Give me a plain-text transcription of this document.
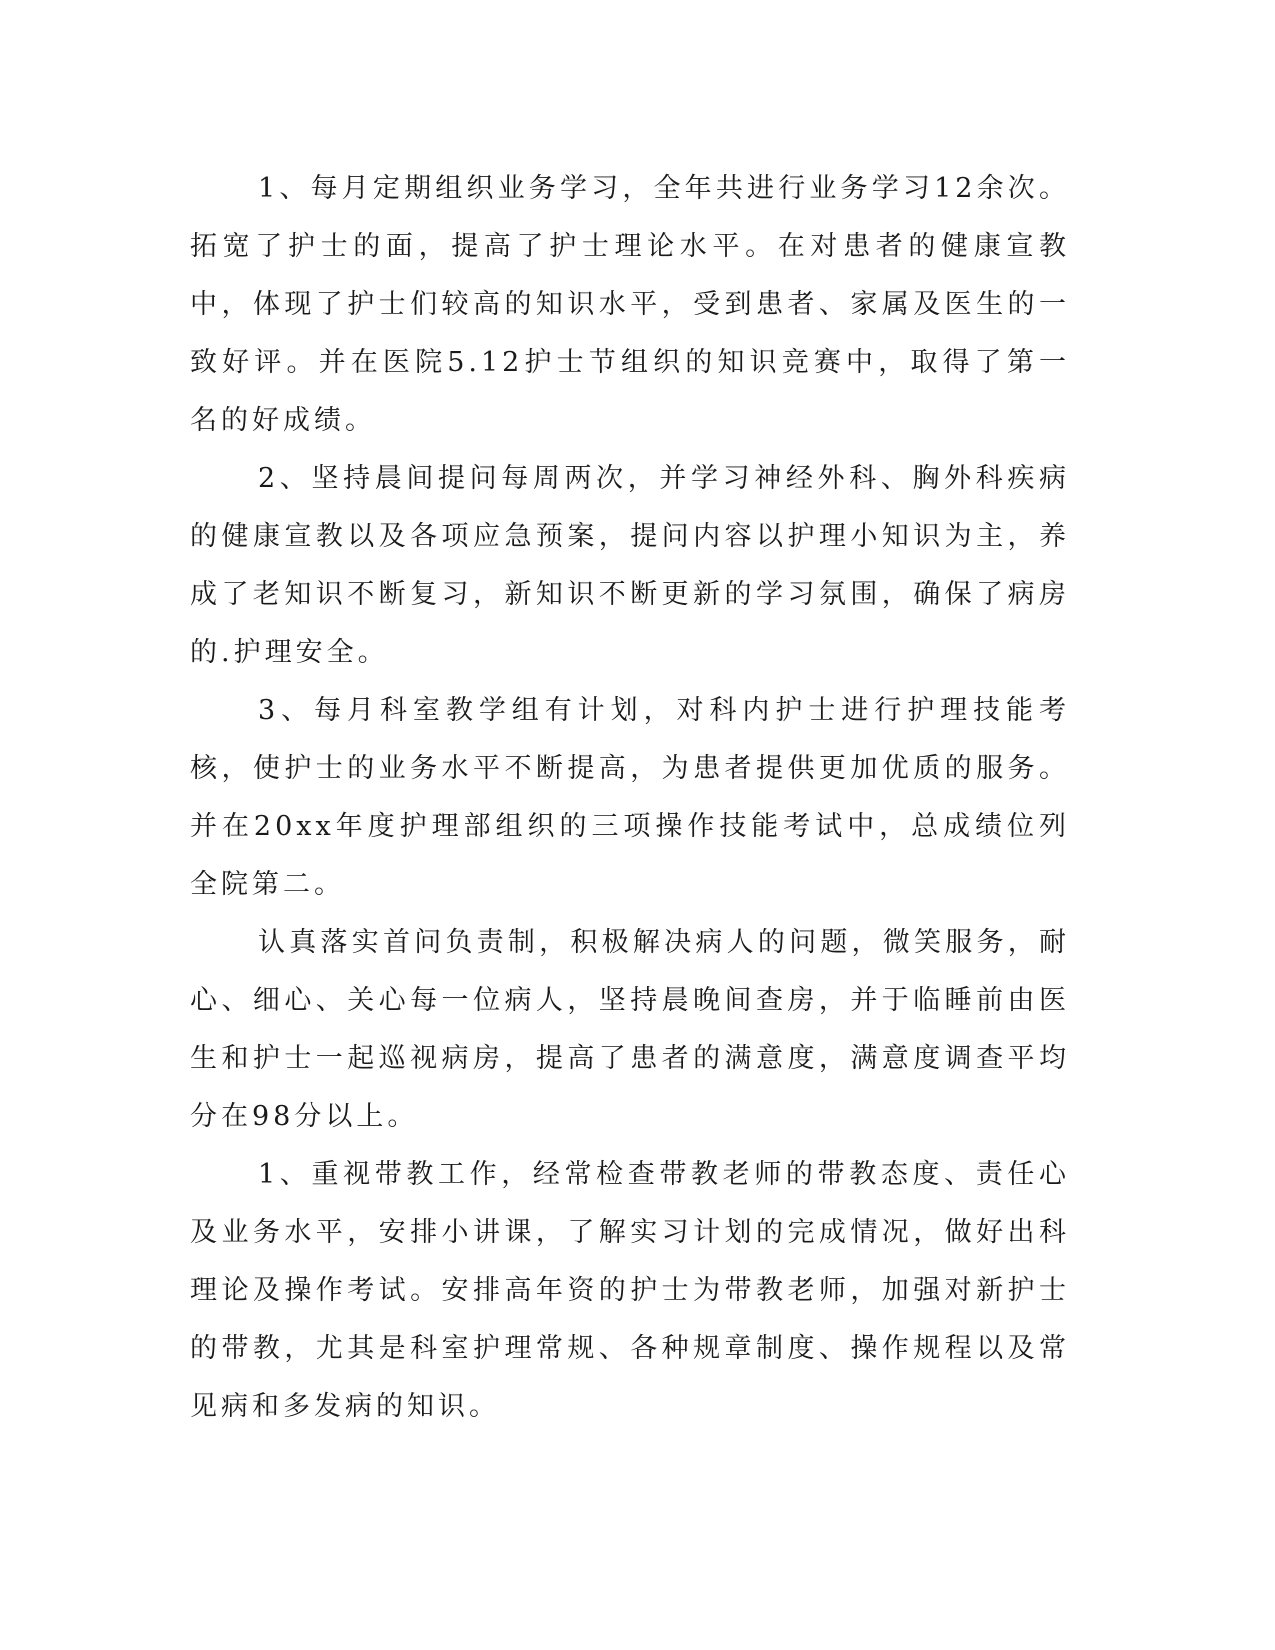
1、每月定期组织业务学习，全年共进行业务学习12余次。拓宽了护士的面，提高了护士理论水平。在对患者的健康宣教中，体现了护士们较高的知识水平，受到患者、家属及医生的一致好评。并在医院5.12护士节组织的知识竞赛中，取得了第一名的好成绩。

2、坚持晨间提问每周两次，并学习神经外科、胸外科疾病的健康宣教以及各项应急预案，提问内容以护理小知识为主，养成了老知识不断复习，新知识不断更新的学习氛围，确保了病房的.护理安全。

3、每月科室教学组有计划，对科内护士进行护理技能考核，使护士的业务水平不断提高，为患者提供更加优质的服务。并在20xx年度护理部组织的三项操作技能考试中，总成绩位列全院第二。

认真落实首问负责制，积极解决病人的问题，微笑服务，耐心、细心、关心每一位病人，坚持晨晚间查房，并于临睡前由医生和护士一起巡视病房，提高了患者的满意度，满意度调查平均分在98分以上。

1、重视带教工作，经常检查带教老师的带教态度、责任心及业务水平，安排小讲课，了解实习计划的完成情况，做好出科理论及操作考试。安排高年资的护士为带教老师，加强对新护士的带教，尤其是科室护理常规、各种规章制度、操作规程以及常见病和多发病的知识。
